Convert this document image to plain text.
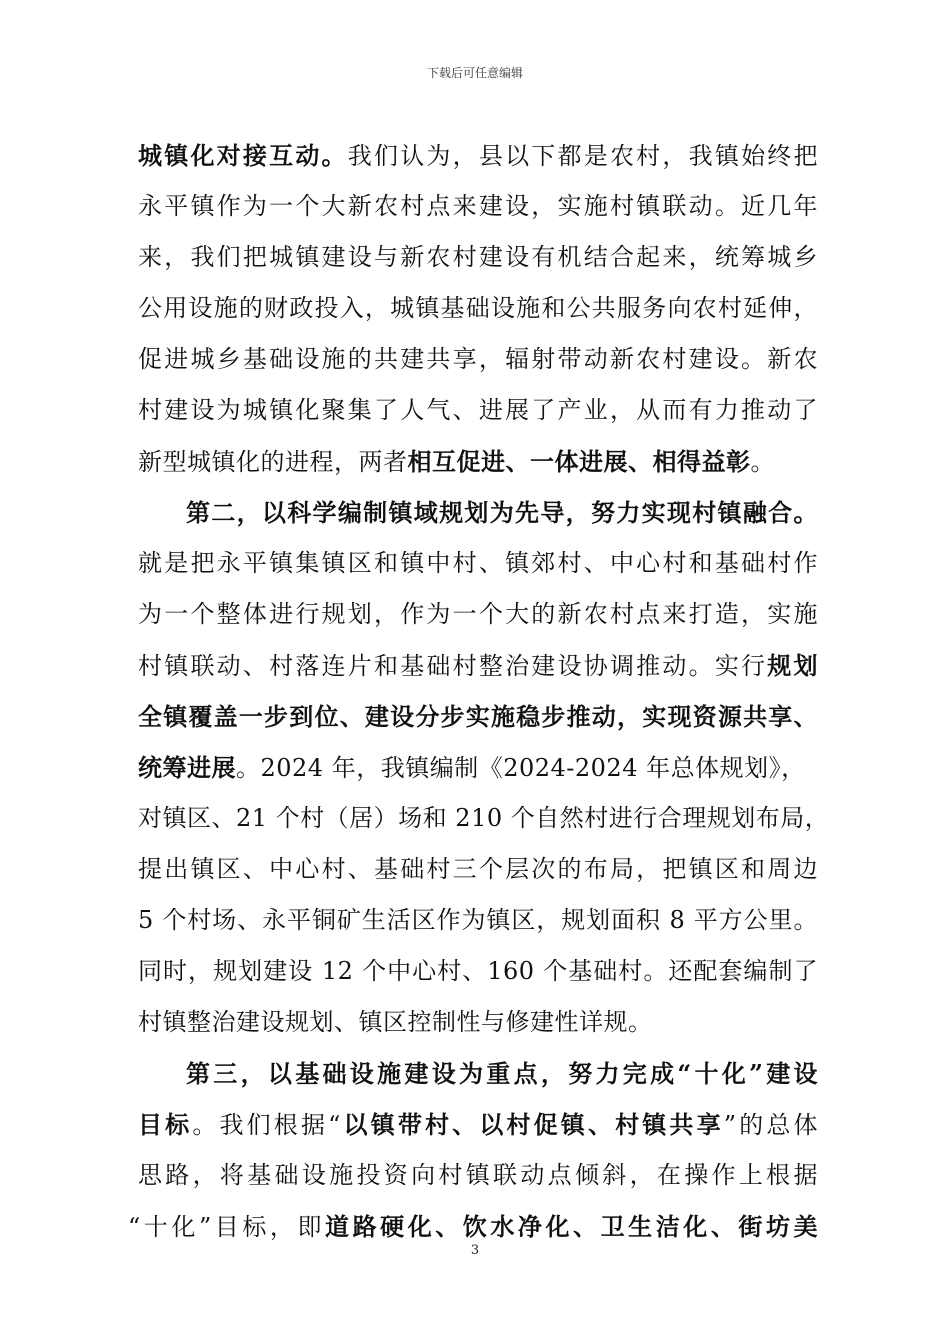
下载后可任意编辑
城镇化对接互动。我们认为，县以下都是农村，我镇始终把
永平镇作为一个大新农村点来建设，实施村镇联动。近几年
来，我们把城镇建设与新农村建设有机结合起来，统筹城乡
公用设施的财政投入，城镇基础设施和公共服务向农村延伸，
促进城乡基础设施的共建共享，辐射带动新农村建设。新农
村建设为城镇化聚集了人气、进展了产业，从而有力推动了
新型城镇化的进程，两者相互促进、一体进展、相得益彰。
第二，以科学编制镇域规划为先导，努力实现村镇融合。
就是把永平镇集镇区和镇中村、镇郊村、中心村和基础村作
为一个整体进行规划，作为一个大的新农村点来打造，实施
村镇联动、村落连片和基础村整治建设协调推动。实行规划
全镇覆盖一步到位、建设分步实施稳步推动，实现资源共享、
统筹进展。2024 年，我镇编制《2024-2024 年总体规划》，
对镇区、21 个村（居）场和 210 个自然村进行合理规划布局，
提出镇区、中心村、基础村三个层次的布局，把镇区和周边
5 个村场、永平铜矿生活区作为镇区，规划面积 8 平方公里。
同时，规划建设 12 个中心村、160 个基础村。还配套编制了
村镇整治建设规划、镇区控制性与修建性详规。
第三，以基础设施建设为重点，努力完成“十化”建设
目标。我们根据“以镇带村、以村促镇、村镇共享”的总体
思路，将基础设施投资向村镇联动点倾斜，在操作上根据
“十化”目标，即道路硬化、饮水净化、卫生洁化、街坊美
3
